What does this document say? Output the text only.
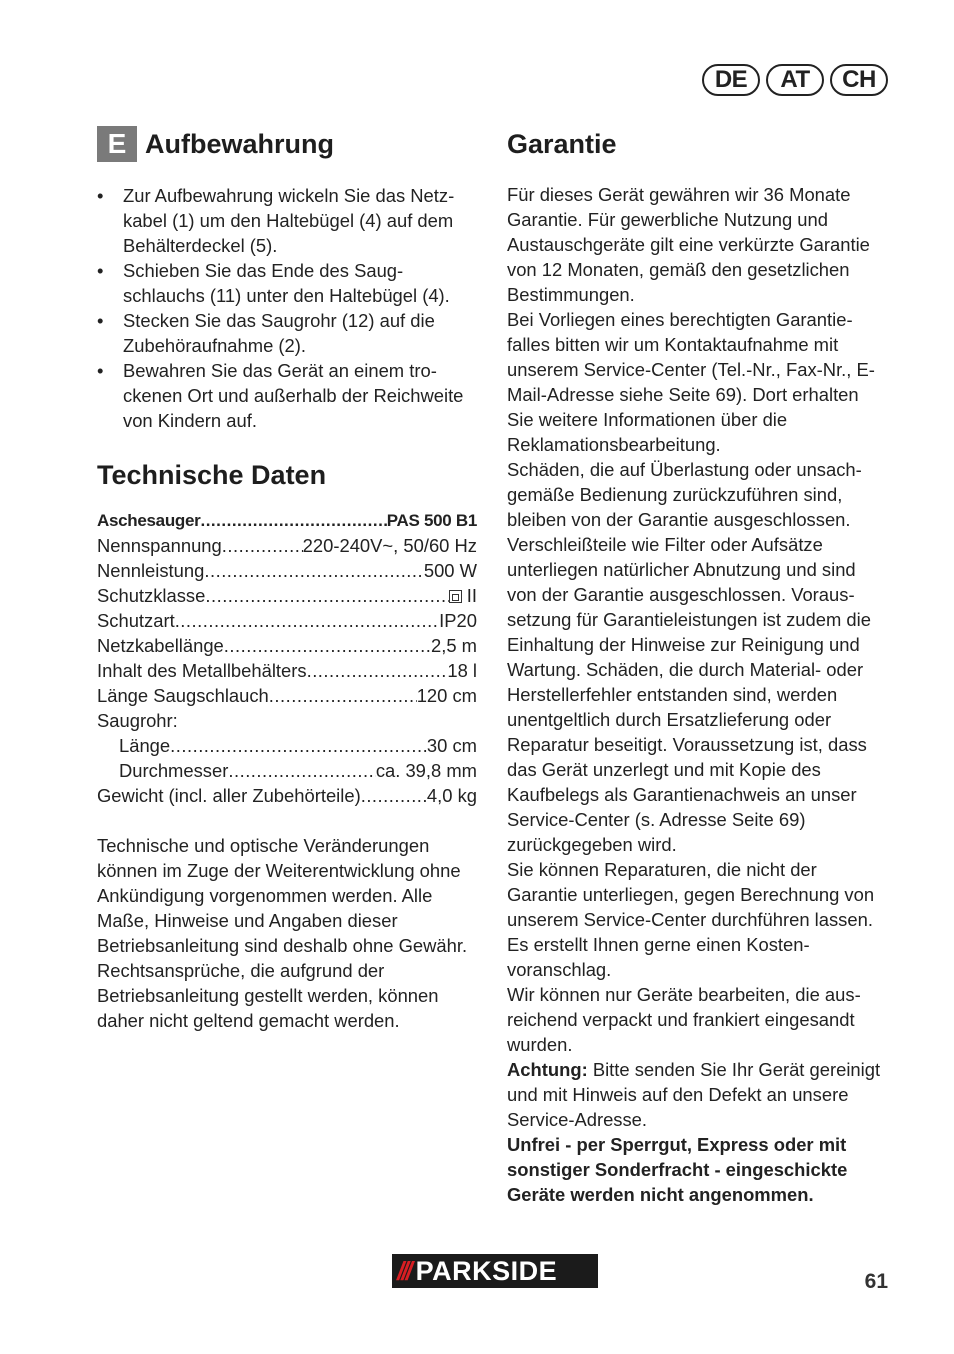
DE	AT	CH
E Aufbewahrung
• Zur Aufbewahrung wickeln Sie das Netzkabel (1) um den Haltebügel (4) auf dem Behälterdeckel (5).
• Schieben Sie das Ende des Saugschlauchs (11) unter den Haltebügel (4).
• Stecken Sie das Saugrohr (12) auf die Zubehöraufnahme (2).
• Bewahren Sie das Gerät an einem trockenen Ort und außerhalb der Reichweite von Kindern auf.
Technische Daten
Aschesauger .....	PAS 500 B1
Nennspannung .....	220-240V~, 50/60 Hz
Nennleistung .....	500 W
Schutzklasse .....	II
Schutzart .....	IP20
Netzkabellänge .....	2,5 m
Inhalt des Metallbehälters .....	18 l
Länge Saugschlauch .....	120 cm
Saugrohr:
Länge .....	30 cm
Durchmesser .....	ca. 39,8 mm
Gewicht (incl. aller Zubehörteile) .....	4,0 kg
Technische und optische Veränderungen können im Zuge der Weiterentwicklung ohne Ankündigung vorgenommen werden. Alle Maße, Hinweise und Angaben dieser Betriebsanleitung sind deshalb ohne Gewähr. Rechtsansprüche, die aufgrund der Betriebsanleitung gestellt werden, können daher nicht geltend gemacht werden.
Garantie

Für dieses Gerät gewähren wir 36 Monate Garantie. Für gewerbliche Nutzung und Austauschgeräte gilt eine verkürzte Garantie von 12 Monaten, gemäß den gesetzlichen Bestimmungen.

Bei Vorliegen eines berechtigten Garantiefalles bitten wir um Kontaktaufnahme mit unserem Service-Center (Tel.-Nr., Fax-Nr., E-Mail-Adresse siehe Seite 69). Dort erhalten Sie weitere Informationen über die Reklamationsbearbeitung.

Schäden, die auf Überlastung oder unsachgemäße Bedienung zurückzuführen sind, bleiben von der Garantie ausgeschlossen. Verschleißteile wie Filter oder Aufsätze unterliegen natürlicher Abnutzung und sind von der Garantie ausgeschlossen. Voraussetzung für Garantieleistungen ist zudem die Einhaltung der Hinweise zur Reinigung und Wartung. Schäden, die durch Material- oder Herstellerfehler entstanden sind, werden unentgeltlich durch Ersatzlieferung oder Reparatur beseitigt. Voraussetzung ist, dass das Gerät unzerlegt und mit Kopie des Kaufbelegs als Garantienachweis an unser Service-Center (s. Adresse Seite 69) zurückgegeben wird.

Sie können Reparaturen, die nicht der Garantie unterliegen, gegen Berechnung von unserem Service-Center durchführen lassen. Es erstellt Ihnen gerne einen Kostenvoranschlag.

Wir können nur Geräte bearbeiten, die ausreichend verpackt und frankiert eingesandt wurden.

Achtung: Bitte senden Sie Ihr Gerät gereinigt und mit Hinweis auf den Defekt an unsere Service-Adresse.

Unfrei - per Sperrgut, Express oder mit sonstiger Sonderfracht - eingeschickte Geräte werden nicht angenommen.

/// PARKSIDE	61
